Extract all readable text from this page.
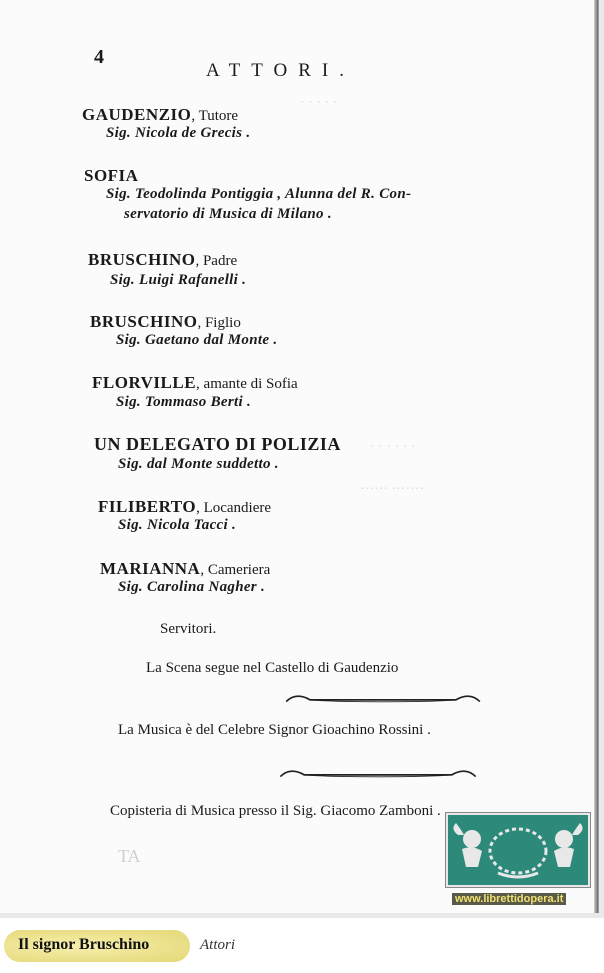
· · · · ·
· · · · · ·
······ ·······
4
ATTORI.
GAUDENZIO, Tutore
Sig. Nicola de Grecis .
SOFIA
Sig. Teodolinda Pontiggia , Alunna del R. Con-
servatorio di Musica di Milano .
BRUSCHINO, Padre
Sig. Luigi Rafanelli .
BRUSCHINO, Figlio
Sig. Gaetano dal Monte .
FLORVILLE, amante di Sofia
Sig. Tommaso Berti .
UN DELEGATO DI POLIZIA
Sig. dal Monte suddetto .
FILIBERTO, Locandiere
Sig. Nicola Tacci .
MARIANNA, Cameriera
Sig. Carolina Nagher .
Servitori.
La Scena segue nel Castello di Gaudenzio
La Musica è del Celebre Signor Gioachino Rossini .
Copisteria di Musica presso il Sig. Giacomo Zamboni .
TA
www.librettidopera.it
Il signor Bruschino	Attori
